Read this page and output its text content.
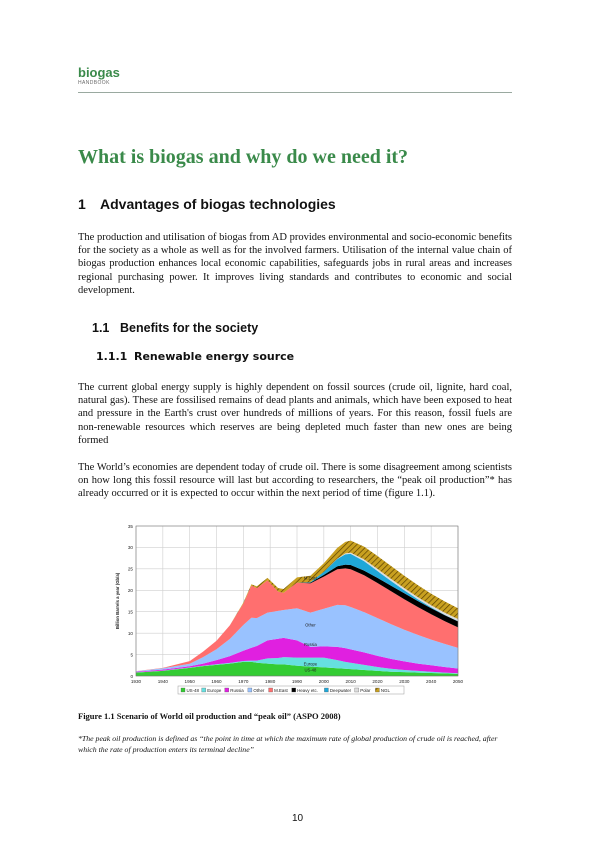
biogas
HANDBOOK
What is biogas and why do we need it?
1 Advantages of biogas technologies

The production and utilisation of biogas from AD provides environmental and socio-economic benefits for the society as a whole as well as for the involved farmers. Utilisation of the internal value chain of biogas production enhances local economic capabilities, safeguards jobs in rural areas and increases regional purchasing power. It improves living standards and contributes to economic and social development.

1.1 Benefits for the society
1.1.1 Renewable energy source

The current global energy supply is highly dependent on fossil sources (crude oil, lignite, hard coal, natural gas). These are fossilised remains of dead plants and animals, which have been exposed to heat and pressure in the Earth's crust over hundreds of millions of years. For this reason, fossil fuels are non-renewable resources which reserves are being depleted much faster than new ones are being formed

The World’s economies are dependent today of crude oil. There is some disagreement among scientists on how long this fossil resource will last but according to researchers, the “peak oil production”* has already occurred or it is expected to occur within the next period of time (figure 1.1).

0
5
10
15
20
25
30
35
1930	1940	1950	1960	1970	1980	1990	2000	2010	2020	2030	2040	2050
Billion Barrels a year (Gb/a)	M.East
Other
Russia
Europe
US-48
US-48 Europe Russia Other M.East Heavy etc.	Deepwater Polar NGL
Figure 1.1 Scenario of World oil production and “peak oil” (ASPO 2008)

*The peak oil production is defined as “the point in time at which the maximum rate of global production of crude oil is reached, after which the rate of production enters its terminal decline”

10
